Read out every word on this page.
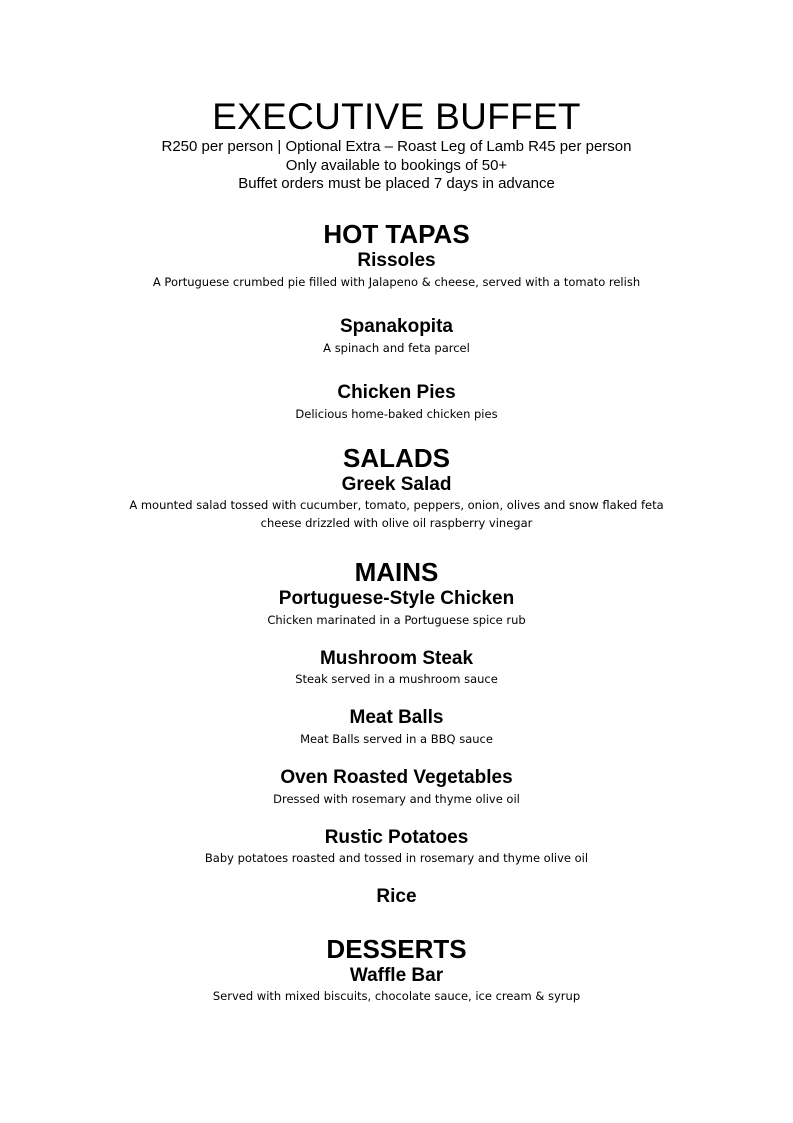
EXECUTIVE BUFFET
R250 per person | Optional Extra – Roast Leg of Lamb R45 per person
Only available to bookings of 50+
Buffet orders must be placed 7 days in advance
HOT TAPAS
Rissoles
A Portuguese crumbed pie filled with Jalapeno & cheese, served with a tomato relish
Spanakopita
A spinach and feta parcel
Chicken Pies
Delicious home-baked chicken pies
SALADS
Greek Salad
A mounted salad tossed with cucumber, tomato, peppers, onion, olives and snow flaked feta
cheese drizzled with olive oil raspberry vinegar
MAINS
Portuguese-Style Chicken
Chicken marinated in a Portuguese spice rub
Mushroom Steak
Steak served in a mushroom sauce
Meat Balls
Meat Balls served in a BBQ sauce
Oven Roasted Vegetables
Dressed with rosemary and thyme olive oil
Rustic Potatoes
Baby potatoes roasted and tossed in rosemary and thyme olive oil
Rice
DESSERTS
Waffle Bar
Served with mixed biscuits, chocolate sauce, ice cream & syrup
